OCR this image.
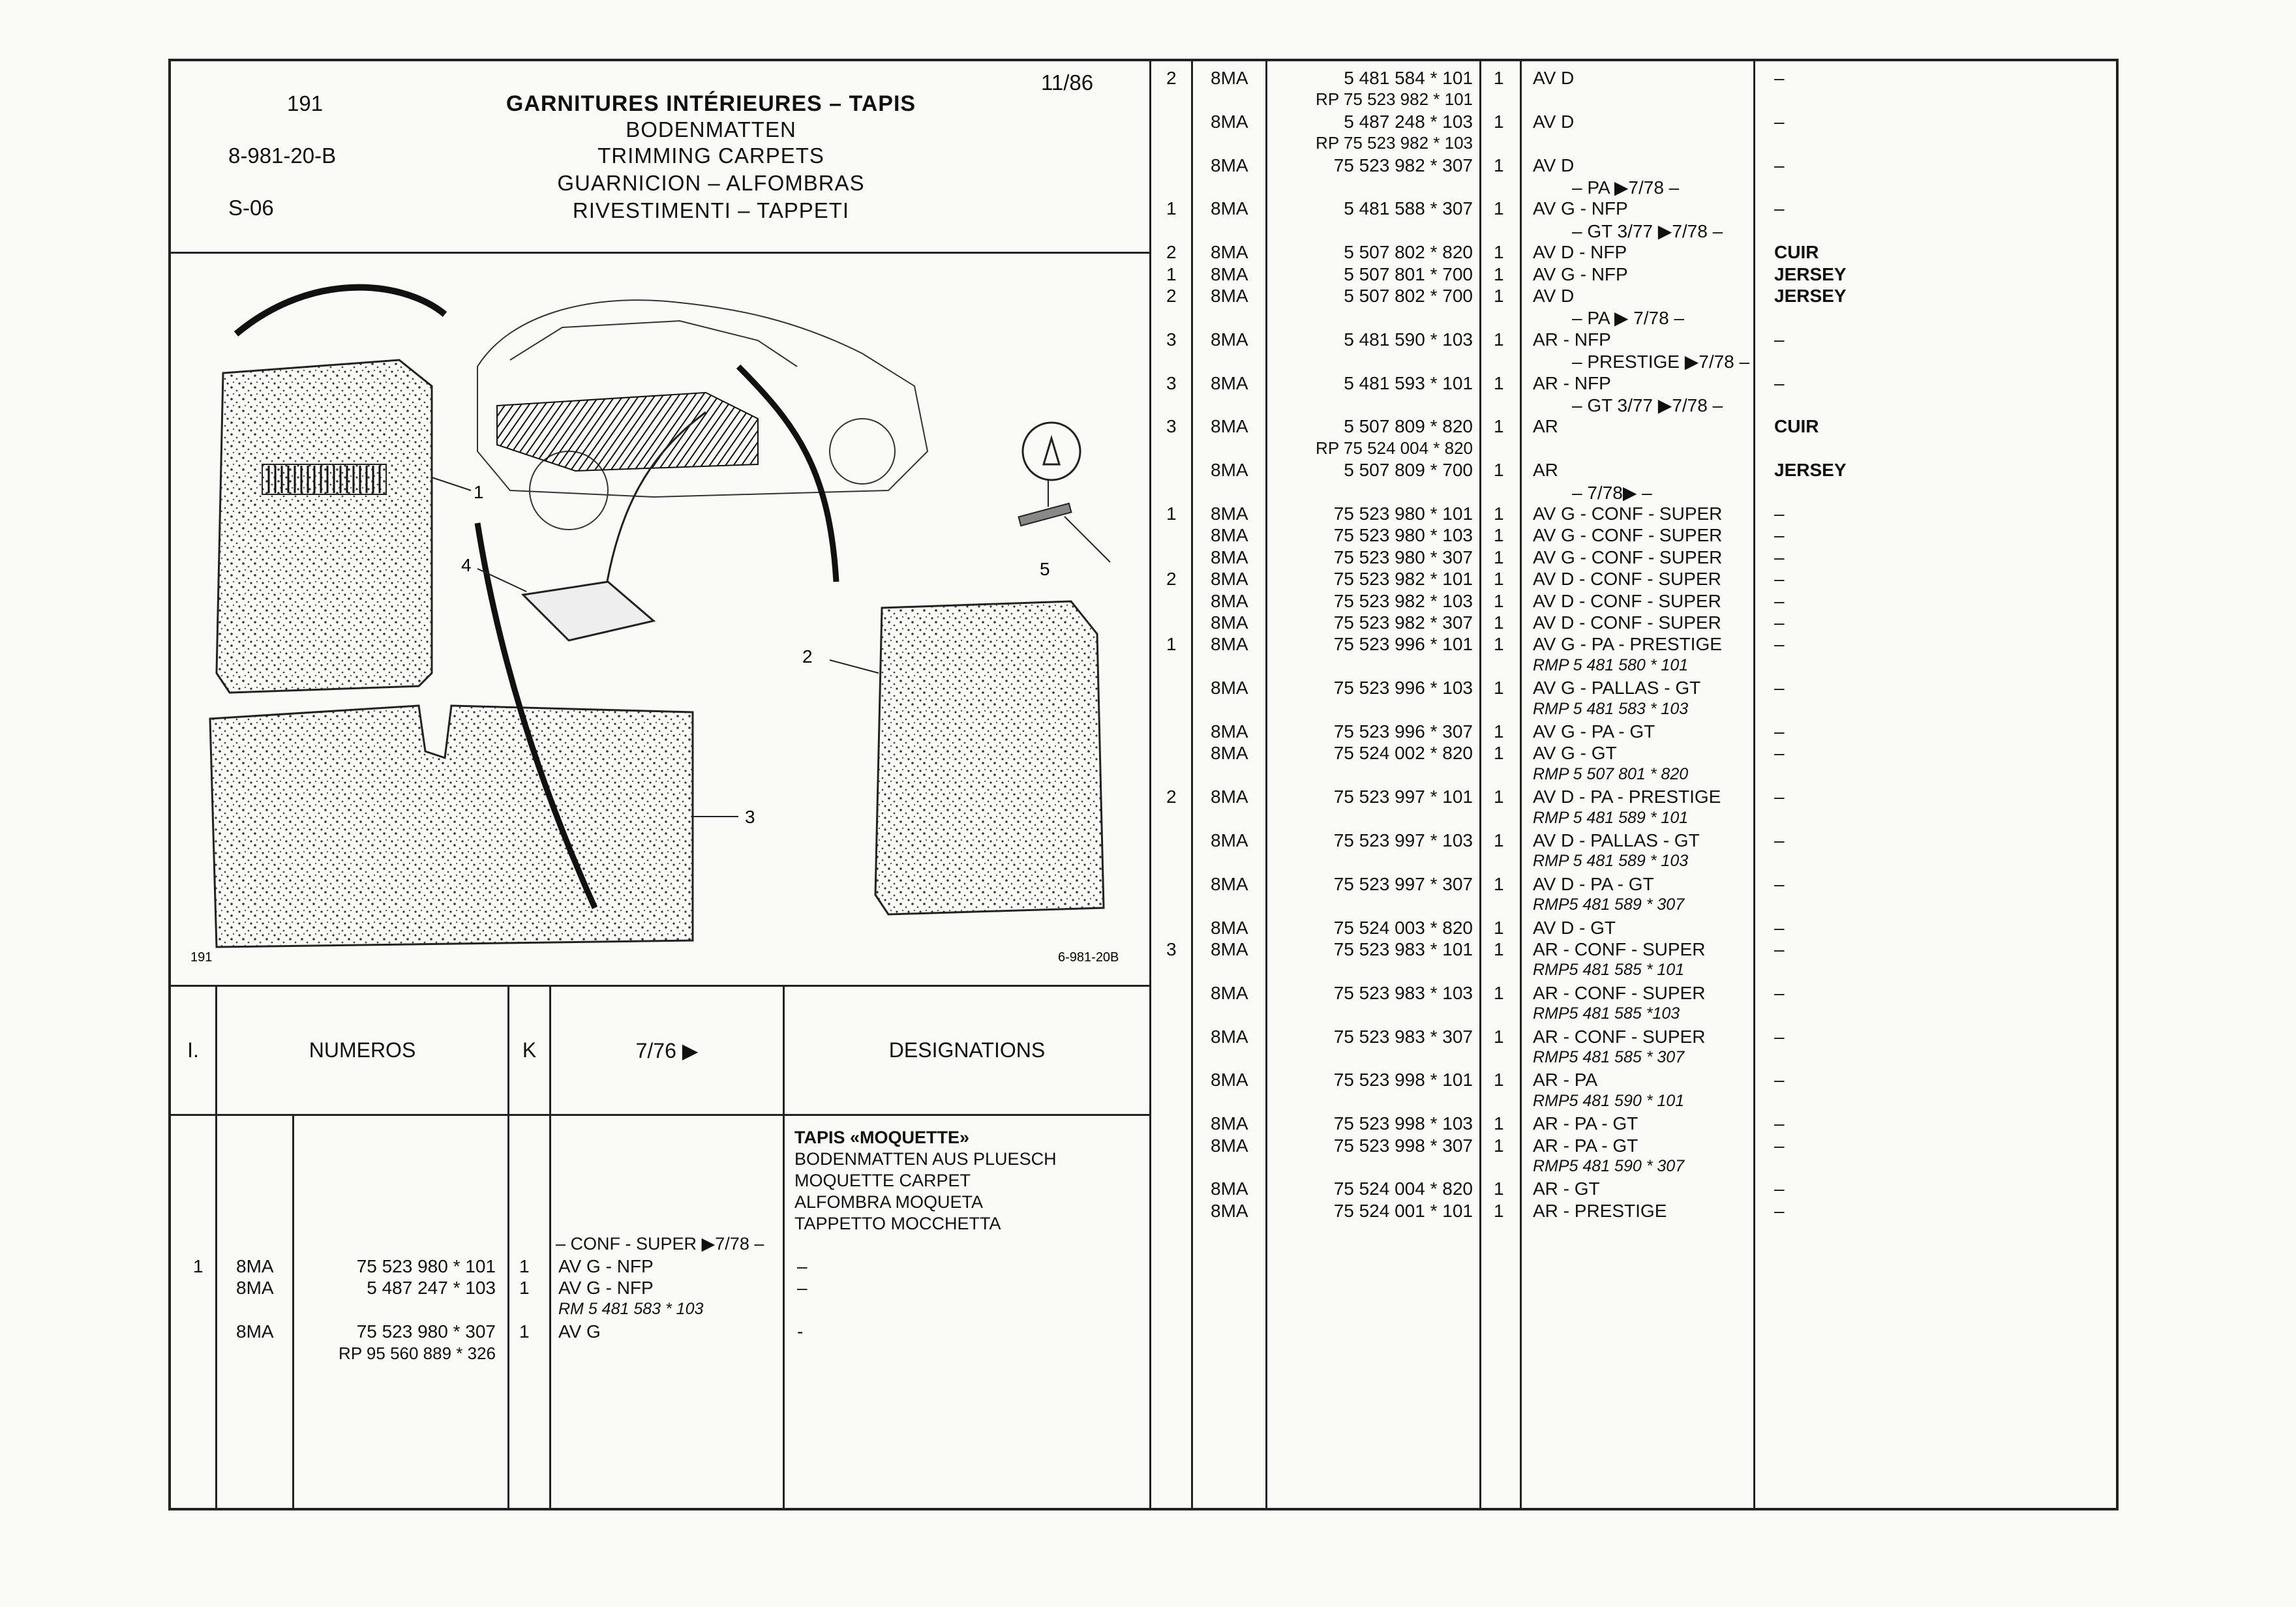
191
11/86
8-981-20-B
S-06
GARNITURES INTÉRIEURES – TAPIS
BODENMATTEN
TRIMMING CARPETS
GUARNICION – ALFOMBRAS
RIVESTIMENTI – TAPPETI
1
3
2
4	5
191	6-981-20B
I.	NUMEROS	K	7/76 ▶	DESIGNATIONS
TAPIS «MOQUETTE»
BODENMATTEN AUS PLUESCH
MOQUETTE CARPET
ALFOMBRA MOQUETA
TAPPETTO MOCCHETTA
– CONF - SUPER ▶7/78 –
1 8MA	75 523 980 * 101 1 AV G - NFP	–
8MA	5 487 247 * 103 1 AV G - NFP	–
RM 5 481 583 * 103
8MA	75 523 980 * 307 1 AV G	-
RP 95 560 889 * 326
2 8MA	5 481 584 * 101 1 AV D	–
RP 75 523 982 * 101
8MA	5 487 248 * 103 1 AV D	–
RP 75 523 982 * 103
8MA	75 523 982 * 307 1 AV D	–
– PA ▶7/78 –
1 8MA	5 481 588 * 307 1 AV G - NFP	–
– GT 3/77 ▶7/78 –
2 8MA	5 507 802 * 820 1 AV D - NFP	CUIR
1 8MA	5 507 801 * 700 1 AV G - NFP	JERSEY
2 8MA	5 507 802 * 700 1 AV D	JERSEY
– PA ▶ 7/78 –
3 8MA	5 481 590 * 103 1 AR - NFP	–
– PRESTIGE ▶7/78 –
3 8MA	5 481 593 * 101 1 AR - NFP	–
– GT 3/77 ▶7/78 –
3 8MA	5 507 809 * 820 1 AR	CUIR
RP 75 524 004 * 820
8MA	5 507 809 * 700 1 AR	JERSEY
– 7/78▶ –
1 8MA	75 523 980 * 101 1 AV G - CONF - SUPER	–
8MA	75 523 980 * 103 1 AV G - CONF - SUPER	–
8MA	75 523 980 * 307 1 AV G - CONF - SUPER	–
2 8MA	75 523 982 * 101 1 AV D - CONF - SUPER	–
8MA	75 523 982 * 103 1 AV D - CONF - SUPER	–
8MA	75 523 982 * 307 1 AV D - CONF - SUPER	–
1 8MA	75 523 996 * 101 1 AV G - PA - PRESTIGE	–
RMP 5 481 580 * 101
8MA	75 523 996 * 103 1 AV G - PALLAS - GT	–
RMP 5 481 583 * 103
8MA	75 523 996 * 307 1 AV G - PA - GT	–
8MA	75 524 002 * 820 1 AV G - GT	–
RMP 5 507 801 * 820
2 8MA	75 523 997 * 101 1 AV D - PA - PRESTIGE	–
RMP 5 481 589 * 101
8MA	75 523 997 * 103 1 AV D - PALLAS - GT	–
RMP 5 481 589 * 103
8MA	75 523 997 * 307 1 AV D - PA - GT	–
RMP5 481 589 * 307
8MA	75 524 003 * 820 1 AV D - GT	–
3 8MA	75 523 983 * 101 1 AR - CONF - SUPER	–
RMP5 481 585 * 101
8MA	75 523 983 * 103 1 AR - CONF - SUPER	–
RMP5 481 585 *103
8MA	75 523 983 * 307 1 AR - CONF - SUPER	–
RMP5 481 585 * 307
8MA	75 523 998 * 101 1 AR - PA	–
RMP5 481 590 * 101
8MA	75 523 998 * 103 1 AR - PA - GT	–
8MA	75 523 998 * 307 1 AR - PA - GT	–
RMP5 481 590 * 307
8MA	75 524 004 * 820 1 AR - GT	–
8MA	75 524 001 * 101 1 AR - PRESTIGE	–
